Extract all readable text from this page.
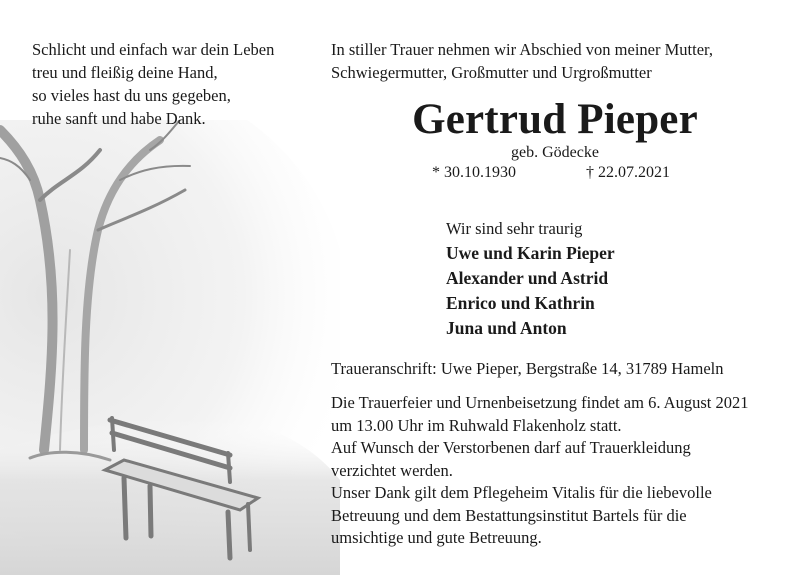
Schlicht und einfach war dein Leben
treu und fleißig deine Hand,
so vieles hast du uns gegeben,
ruhe sanft und habe Dank.
In stiller Trauer nehmen wir Abschied von meiner Mutter,
Schwiegermutter, Großmutter und Urgroßmutter
Gertrud Pieper
geb. Gödecke
* 30.10.1930	† 22.07.2021
Wir sind sehr traurig
Uwe und Karin Pieper
Alexander und Astrid
Enrico und Kathrin
Juna und Anton
Traueranschrift: Uwe Pieper, Bergstraße 14, 31789 Hameln
Die Trauerfeier und Urnenbeisetzung findet am 6. August 2021
um 13.00 Uhr im Ruhwald Flakenholz statt.
Auf Wunsch der Verstorbenen darf auf Trauerkleidung
verzichtet werden.
Unser Dank gilt dem Pflegeheim Vitalis für die liebevolle
Betreuung und dem Bestattungsinstitut Bartels für die
umsichtige und gute Betreuung.
